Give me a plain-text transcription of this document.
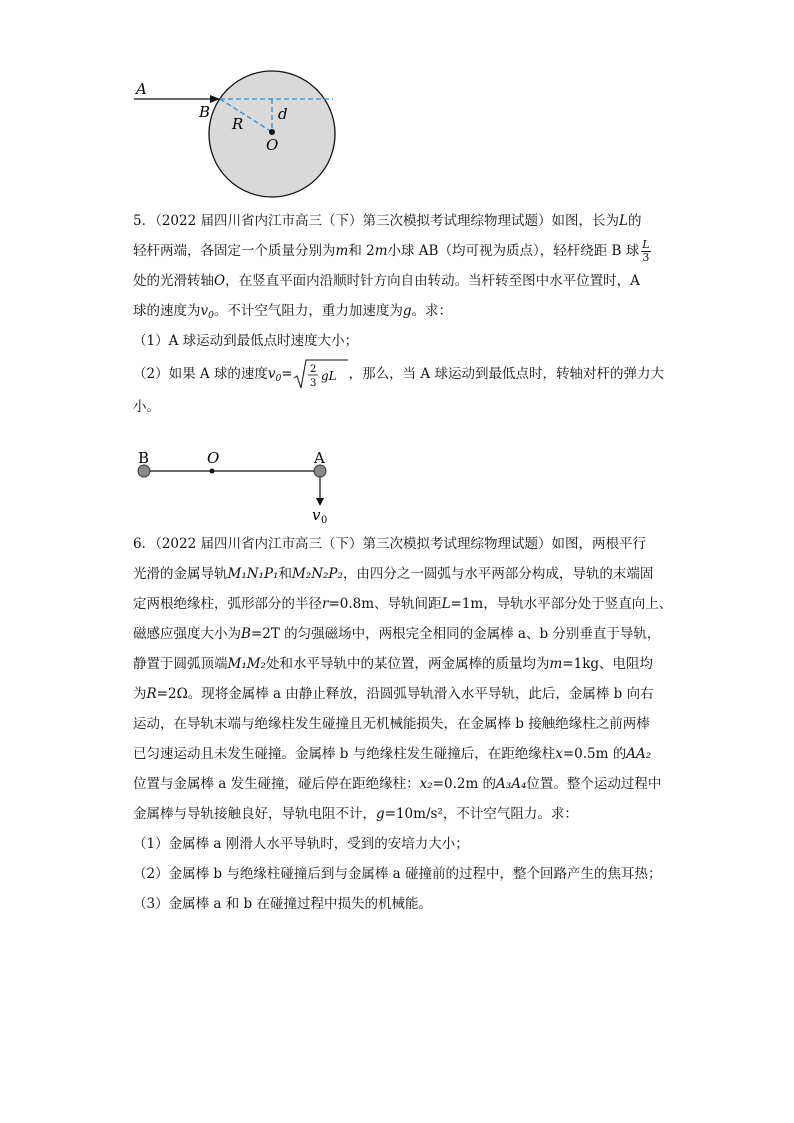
A
B
R
d
O
5．（2022 届四川省内江市高三（下）第三次模拟考试理综物理试题）如图，长为L的
轻杆两端，各固定一个质量分别为m和 2m小球 AB（均可视为质点），轻杆绕距 B 球 $\frac{L}{3}$
处的光滑转轴O，在竖直平面内沿顺时针方向自由转动。当杆转至图中水平位置时，A
球的速度为$v_0$。不计空气阻力，重力加速度为g。求：
（1）A 球运动到最低点时速度大小；
（2）如果 A 球的速度$v_0= 2$
3
gL ，那么，当 A 球运动到最低点时，转轴对杆的弹力大
小。
B	O	A
v 0
6．（2022 届四川省内江市高三（下）第三次模拟考试理综物理试题）如图，两根平行
光滑的金属导轨M₁N₁P₁和M₂N₂P₂，由四分之一圆弧与水平两部分构成，导轨的末端固
定两根绝缘柱，弧形部分的半径r=0.8m、导轨间距L=1m，导轨水平部分处于竖直向上、
磁感应强度大小为B=2T 的匀强磁场中，两根完全相同的金属棒 a、b 分别垂直于导轨，
静置于圆弧顶端M₁M₂处和水平导轨中的某位置，两金属棒的质量均为m=1kg、电阻均
为R=2Ω。现将金属棒 a 由静止释放，沿圆弧导轨滑入水平导轨，此后，金属棒 b 向右
运动，在导轨末端与绝缘柱发生碰撞且无机械能损失，在金属棒 b 接触绝缘柱之前两棒
已匀速运动且未发生碰撞。金属棒 b 与绝缘柱发生碰撞后，在距绝缘柱x=0.5m 的AA₂
位置与金属棒 a 发生碰撞，碰后停在距绝缘柱：x₂=0.2m 的A₃A₄位置。整个运动过程中
金属棒与导轨接触良好，导轨电阻不计，g=10m/s²，不计空气阻力。求：
（1）金属棒 a 刚滑人水平导轨时，受到的安培力大小；
（2）金属棒 b 与绝缘柱碰撞后到与金属棒 a 碰撞前的过程中，整个回路产生的焦耳热；
（3）金属棒 a 和 b 在碰撞过程中损失的机械能。
